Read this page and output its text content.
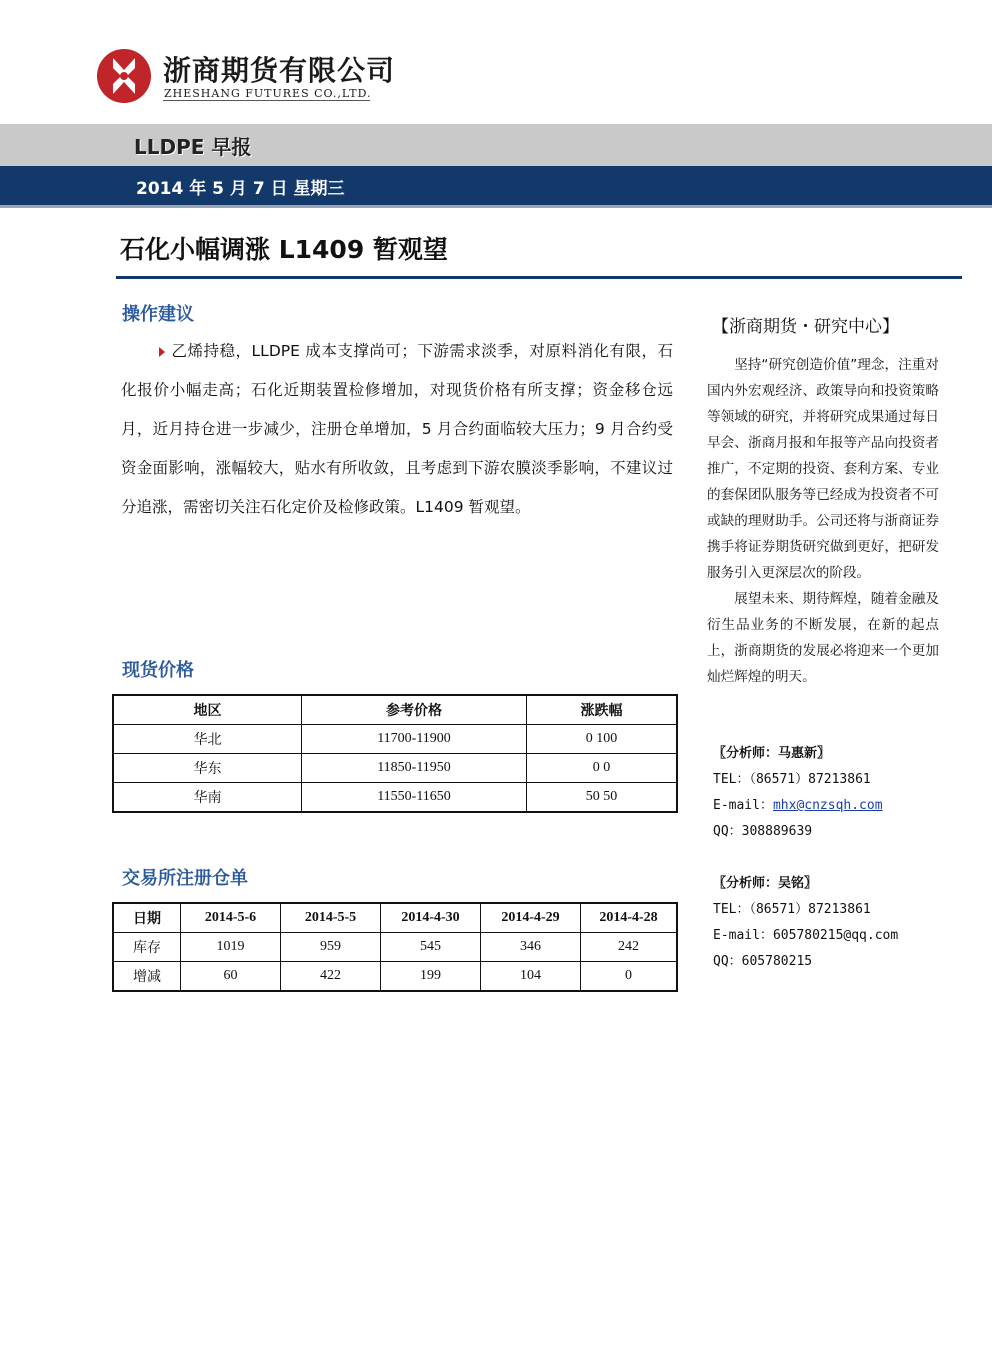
浙商期货有限公司
ZHESHANG FUTURES CO.,LTD.
LLDPE 早报
2014 年 5 月 7 日 星期三
石化小幅调涨 L1409 暂观望
操作建议
乙烯持稳，LLDPE 成本支撑尚可；下游需求淡季，对原料消化有限，石化报价小幅走高；石化近期装置检修增加，对现货价格有所支撑；资金移仓远月，近月持仓进一步减少，注册仓单增加，5 月合约面临较大压力；9 月合约受资金面影响，涨幅较大，贴水有所收敛，且考虑到下游农膜淡季影响，不建议过分追涨，需密切关注石化定价及检修政策。L1409 暂观望。
现货价格
地区	参考价格	涨跌幅
华北	11700-11900	0 100
华东	11850-11950	0 0
华南	11550-11650	50 50
交易所注册仓单
日期	2014-5-6	2014-5-5	2014-4-30	2014-4-29	2014-4-28
库存	1019	959	545	346	242
增减	60	422	199	104	0
【浙商期货・研究中心】

坚持“研究创造价值”理念，注重对国内外宏观经济、政策导向和投资策略等领域的研究，并将研究成果通过每日早会、浙商月报和年报等产品向投资者推广，不定期的投资、套利方案、专业的套保团队服务等已经成为投资者不可或缺的理财助手。公司还将与浙商证券携手将证券期货研究做到更好，把研发服务引入更深层次的阶段。

展望未来、期待辉煌，随着金融及衍生品业务的不断发展，在新的起点上，浙商期货的发展必将迎来一个更加灿烂辉煌的明天。

〖分析师：马惠新〗
TEL：（86571）87213861
E-mail：mhx@cnzsqh.com
QQ：308889639
〖分析师：吴铭〗
TEL：（86571）87213861
E-mail：605780215@qq.com
QQ：605780215
